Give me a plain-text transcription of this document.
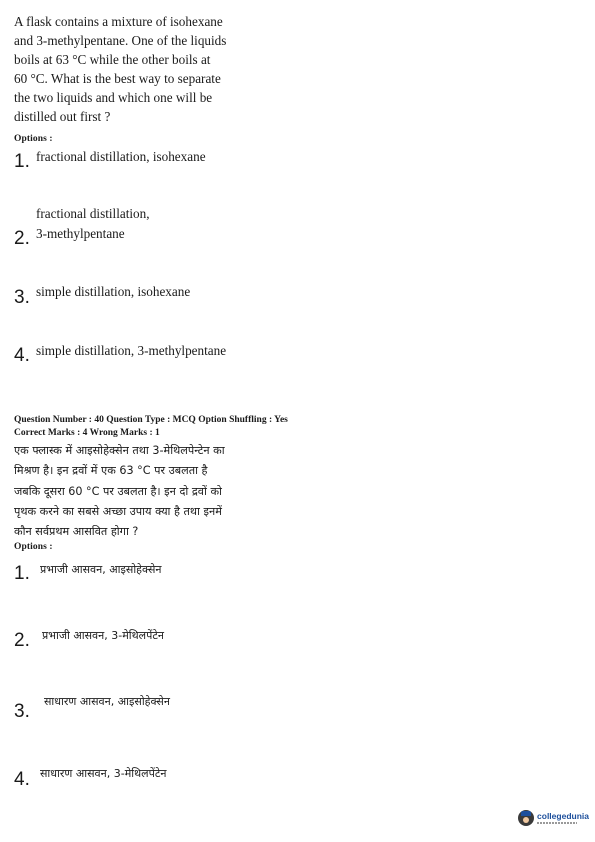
A flask contains a mixture of isohexane
and 3-methylpentane. One of the liquids
boils at 63 °C while the other boils at
60 °C. What is the best way to separate
the two liquids and which one will be
distilled out first ?
Options :
1. fractional distillation, isohexane
fractional distillation,
2. 3-methylpentane
3. simple distillation, isohexane
4. simple distillation, 3-methylpentane
Question Number : 40 Question Type : MCQ Option Shuffling : Yes
Correct Marks : 4 Wrong Marks : 1
एक फ्लास्क में आइसोहेक्सेन तथा 3-मेथिलपेन्टेन का
मिश्रण है। इन द्रवों में एक 63 °C पर उबलता है
जबकि दूसरा 60 °C पर उबलता है। इन दो द्रवों को
पृथक करने का सबसे अच्छा उपाय क्या है तथा इनमें
कौन सर्वप्रथम आसवित होगा ?
Options :
1. प्रभाजी आसवन, आइसोहेक्सेन
2. प्रभाजी आसवन, 3-मेथिलपेंटेन
3. साधारण आसवन, आइसोहेक्सेन
4. साधारण आसवन, 3-मेथिलपेंटेन
collegedunia
